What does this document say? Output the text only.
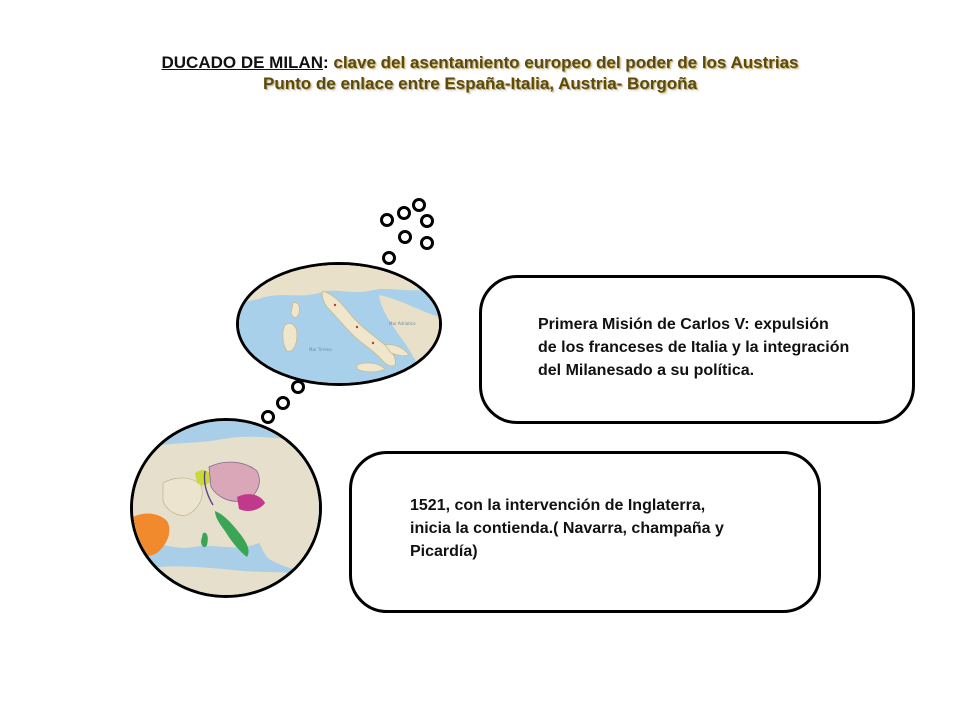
DUCADO DE MILAN: clave del asentamiento europeo del poder de los Austrias
Punto de enlace entre España-Italia, Austria- Borgoña
Mar Tirreno
Mar Adriatico	Primera Misión de Carlos V: expulsión
de los franceses de Italia y la integración
del Milanesado a su política.
1521, con la intervención de Inglaterra,
inicia la contienda.( Navarra, champaña y
Picardía)
